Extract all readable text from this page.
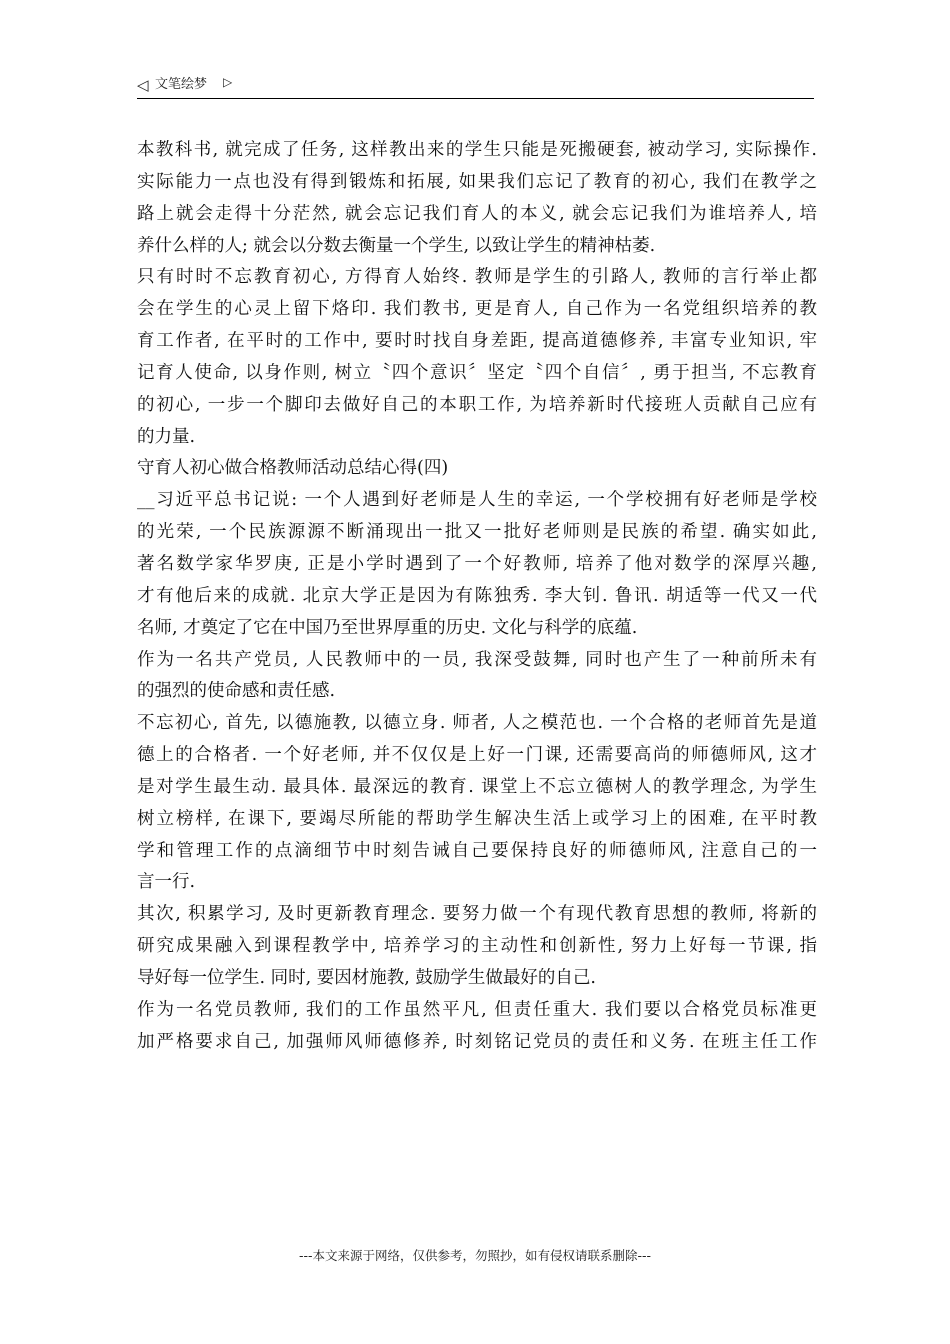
◁ 文笔绘梦 ▷
本教科书, 就完成了任务, 这样教出来的学生只能是死搬硬套, 被动学习, 实际操作.
实际能力一点也没有得到锻炼和拓展, 如果我们忘记了教育的初心, 我们在教学之
路上就会走得十分茫然, 就会忘记我们育人的本义, 就会忘记我们为谁培养人, 培
养什么样的人; 就会以分数去衡量一个学生, 以致让学生的精神枯萎.
只有时时不忘教育初心, 方得育人始终. 教师是学生的引路人, 教师的言行举止都
会在学生的心灵上留下烙印. 我们教书, 更是育人, 自己作为一名党组织培养的教
育工作者, 在平时的工作中, 要时时找自身差距, 提高道德修养, 丰富专业知识, 牢
记育人使命, 以身作则, 树立〝四个意识〞坚定〝四个自信〞, 勇于担当, 不忘教育
的初心, 一步一个脚印去做好自己的本职工作, 为培养新时代接班人贡献自己应有
的力量.
守育人初心做合格教师活动总结心得(四)
__习近平总书记说: 一个人遇到好老师是人生的幸运, 一个学校拥有好老师是学校
的光荣, 一个民族源源不断涌现出一批又一批好老师则是民族的希望. 确实如此,
著名数学家华罗庚, 正是小学时遇到了一个好教师, 培养了他对数学的深厚兴趣,
才有他后来的成就. 北京大学正是因为有陈独秀. 李大钊. 鲁讯. 胡适等一代又一代
名师, 才奠定了它在中国乃至世界厚重的历史. 文化与科学的底蕴.
作为一名共产党员, 人民教师中的一员, 我深受鼓舞, 同时也产生了一种前所未有
的强烈的使命感和责任感.
不忘初心, 首先, 以德施教, 以德立身. 师者, 人之模范也. 一个合格的老师首先是道
德上的合格者. 一个好老师, 并不仅仅是上好一门课, 还需要高尚的师德师风, 这才
是对学生最生动. 最具体. 最深远的教育. 课堂上不忘立德树人的教学理念, 为学生
树立榜样, 在课下, 要竭尽所能的帮助学生解决生活上或学习上的困难, 在平时教
学和管理工作的点滴细节中时刻告诫自己要保持良好的师德师风, 注意自己的一
言一行.
其次, 积累学习, 及时更新教育理念. 要努力做一个有现代教育思想的教师, 将新的
研究成果融入到课程教学中, 培养学习的主动性和创新性, 努力上好每一节课, 指
导好每一位学生. 同时, 要因材施教, 鼓励学生做最好的自己.
作为一名党员教师, 我们的工作虽然平凡, 但责任重大. 我们要以合格党员标准更
加严格要求自己, 加强师风师德修养, 时刻铭记党员的责任和义务. 在班主任工作
---本文来源于网络，仅供参考，勿照抄，如有侵权请联系删除---
